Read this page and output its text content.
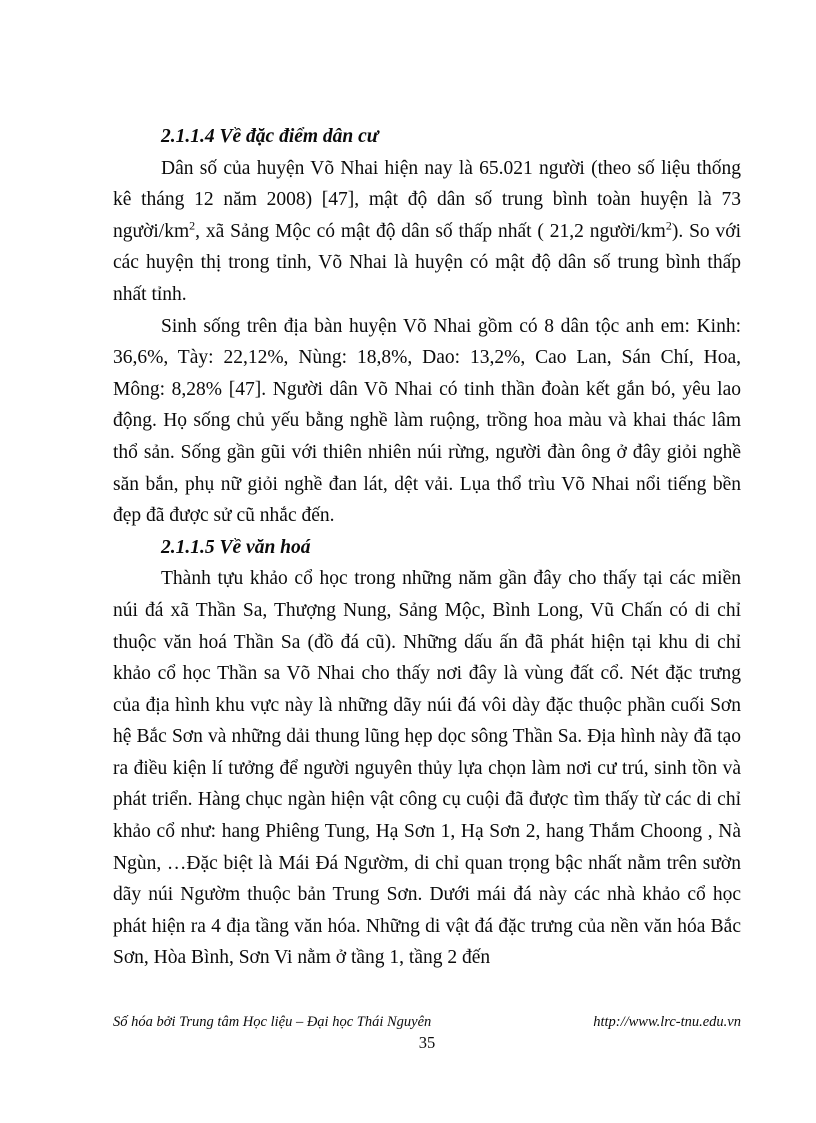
2.1.1.4 Về đặc điểm dân cư

Dân số của huyện Võ Nhai hiện nay là 65.021 người (theo số liệu thống kê tháng 12 năm 2008) [47], mật độ dân số trung bình toàn huyện là 73 người/$km^2$, xã Sảng Mộc có mật độ dân số thấp nhất ( 21,2 người/$km^2$). So với các huyện thị trong tỉnh, Võ Nhai là huyện có mật độ dân số trung bình thấp nhất tỉnh.

Sinh sống trên địa bàn huyện Võ Nhai gồm có 8 dân tộc anh em: Kinh: 36,6%, Tày: 22,12%, Nùng: 18,8%, Dao: 13,2%, Cao Lan, Sán Chí, Hoa, Mông: 8,28% [47]. Người dân Võ Nhai có tinh thần đoàn kết gắn bó, yêu lao động. Họ sống chủ yếu bằng nghề làm ruộng, trồng hoa màu và khai thác lâm thổ sản. Sống gần gũi với thiên nhiên núi rừng, người đàn ông ở đây giỏi nghề săn bắn, phụ nữ giỏi nghề đan lát, dệt vải. Lụa thổ trìu Võ Nhai nổi tiếng bền đẹp đã được sử cũ nhắc đến.

2.1.1.5 Về văn hoá

Thành tựu khảo cổ học trong những năm gần đây cho thấy tại các miền núi đá xã Thần Sa, Thượng Nung, Sảng Mộc, Bình Long, Vũ Chấn có di chỉ thuộc văn hoá Thần Sa (đồ đá cũ). Những dấu ấn đã phát hiện tại khu di chỉ khảo cổ học Thần sa Võ Nhai cho thấy nơi đây là vùng đất cổ. Nét đặc trưng của địa hình khu vực này là những dãy núi đá vôi dày đặc thuộc phần cuối Sơn hệ Bắc Sơn và những dải thung lũng hẹp dọc sông Thần Sa. Địa hình này đã tạo ra điều kiện lí tưởng để người nguyên thủy lựa chọn làm nơi cư trú, sinh tồn và phát triển. Hàng chục ngàn hiện vật công cụ cuội đã được tìm thấy từ các di chỉ khảo cổ như: hang Phiêng Tung, Hạ Sơn 1, Hạ Sơn 2, hang Thắm Choong , Nà Ngùn, …Đặc biệt là Mái Đá Ngườm, di chỉ quan trọng bậc nhất nằm trên sườn dãy núi Ngườm thuộc bản Trung Sơn. Dưới mái đá này các nhà khảo cổ học phát hiện ra 4 địa tầng văn hóa. Những di vật đá đặc trưng của nền văn hóa Bắc Sơn, Hòa Bình, Sơn Vi nằm ở tầng 1, tầng 2 đến

Số hóa bởi Trung tâm Học liệu – Đại học Thái Nguyên	http://www.lrc-tnu.edu.vn
35
